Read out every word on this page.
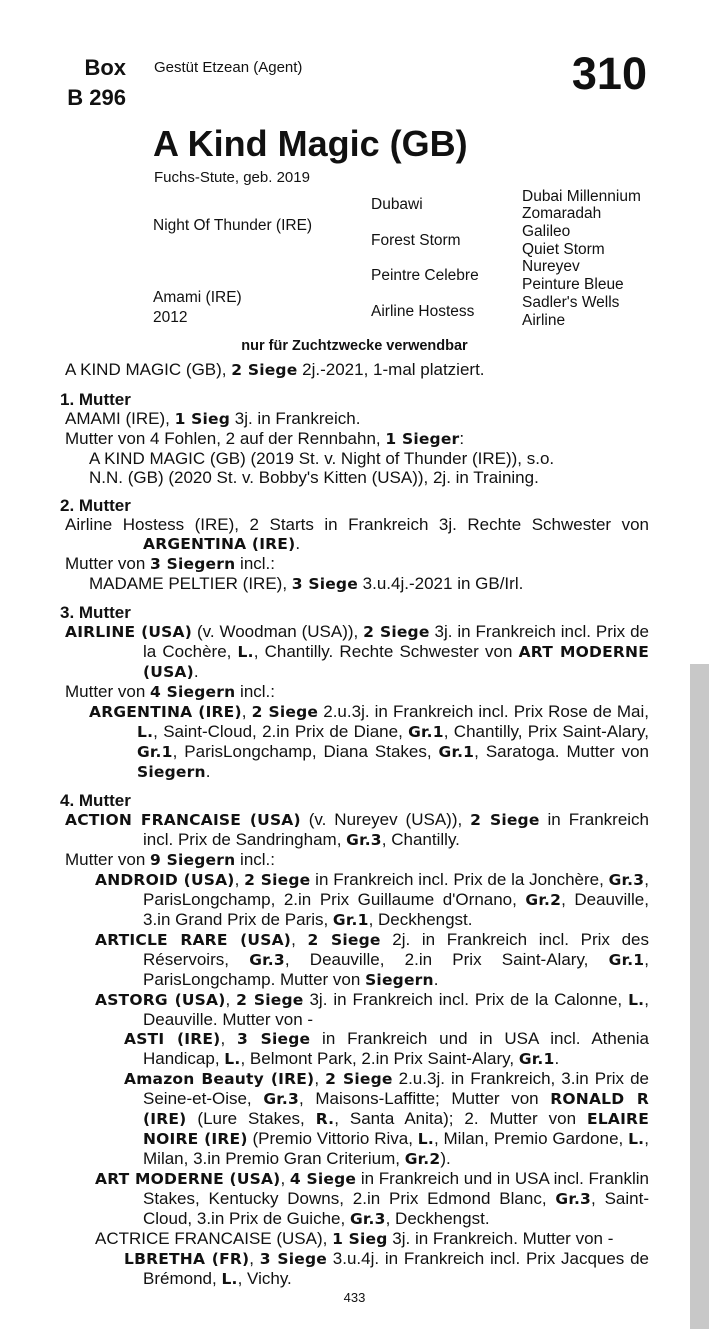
Box
B 296
Gestüt Etzean (Agent)	310
A Kind Magic (GB)
Fuchs-Stute, geb. 2019
Night Of Thunder (IRE)
Amami (IRE)
2012
Dubawi
Forest Storm
Peintre Celebre
Airline Hostess
Dubai Millennium
Zomaradah
Galileo
Quiet Storm
Nureyev
Peinture Bleue
Sadler's Wells
Airline
nur für Zuchtzwecke verwendbar

A KIND MAGIC (GB), 2 Siege 2j.-2021, 1-mal platziert.

1. Mutter

AMAMI (IRE), 1 Sieg 3j. in Frankreich.

Mutter von 4 Fohlen, 2 auf der Rennbahn, 1 Sieger:

A KIND MAGIC (GB) (2019 St. v. Night of Thunder (IRE)), s.o.

N.N. (GB) (2020 St. v. Bobby's Kitten (USA)), 2j. in Training.

2. Mutter

Airline Hostess (IRE), 2 Starts in Frankreich 3j. Rechte Schwester von ARGENTINA (IRE).

Mutter von 3 Siegern incl.:

MADAME PELTIER (IRE), 3 Siege 3.u.4j.-2021 in GB/Irl.

3. Mutter

AIRLINE (USA) (v. Woodman (USA)), 2 Siege 3j. in Frankreich incl. Prix de la Cochère, L., Chantilly. Rechte Schwester von ART MODERNE (USA).

Mutter von 4 Siegern incl.:

ARGENTINA (IRE), 2 Siege 2.u.3j. in Frankreich incl. Prix Rose de Mai, L., Saint-Cloud, 2.in Prix de Diane, Gr.1, Chantilly, Prix Saint-Alary, Gr.1, ParisLongchamp, Diana Stakes, Gr.1, Saratoga. Mutter von Siegern.

4. Mutter

ACTION FRANCAISE (USA) (v. Nureyev (USA)), 2 Siege in Frankreich incl. Prix de Sandringham, Gr.3, Chantilly.

Mutter von 9 Siegern incl.:

ANDROID (USA), 2 Siege in Frankreich incl. Prix de la Jonchère, Gr.3, ParisLongchamp, 2.in Prix Guillaume d'Ornano, Gr.2, Deauville, 3.in Grand Prix de Paris, Gr.1, Deckhengst.

ARTICLE RARE (USA), 2 Siege 2j. in Frankreich incl. Prix des Réservoirs, Gr.3, Deauville, 2.in Prix Saint-Alary, Gr.1, ParisLongchamp. Mutter von Siegern.

ASTORG (USA), 2 Siege 3j. in Frankreich incl. Prix de la Calonne, L., Deauville. Mutter von -

ASTI (IRE), 3 Siege in Frankreich und in USA incl. Athenia Handicap, L., Belmont Park, 2.in Prix Saint-Alary, Gr.1.

Amazon Beauty (IRE), 2 Siege 2.u.3j. in Frankreich, 3.in Prix de Seine-et-Oise, Gr.3, Maisons-Laffitte; Mutter von RONALD R (IRE) (Lure Stakes, R., Santa Anita); 2. Mutter von ELAIRE NOIRE (IRE) (Premio Vittorio Riva, L., Milan, Premio Gardone, L., Milan, 3.in Premio Gran Criterium, Gr.2).

ART MODERNE (USA), 4 Siege in Frankreich und in USA incl. Franklin Stakes, Kentucky Downs, 2.in Prix Edmond Blanc, Gr.3, Saint-Cloud, 3.in Prix de Guiche, Gr.3, Deckhengst.

ACTRICE FRANCAISE (USA), 1 Sieg 3j. in Frankreich. Mutter von -

LBRETHA (FR), 3 Siege 3.u.4j. in Frankreich incl. Prix Jacques de Brémond, L., Vichy.

433
